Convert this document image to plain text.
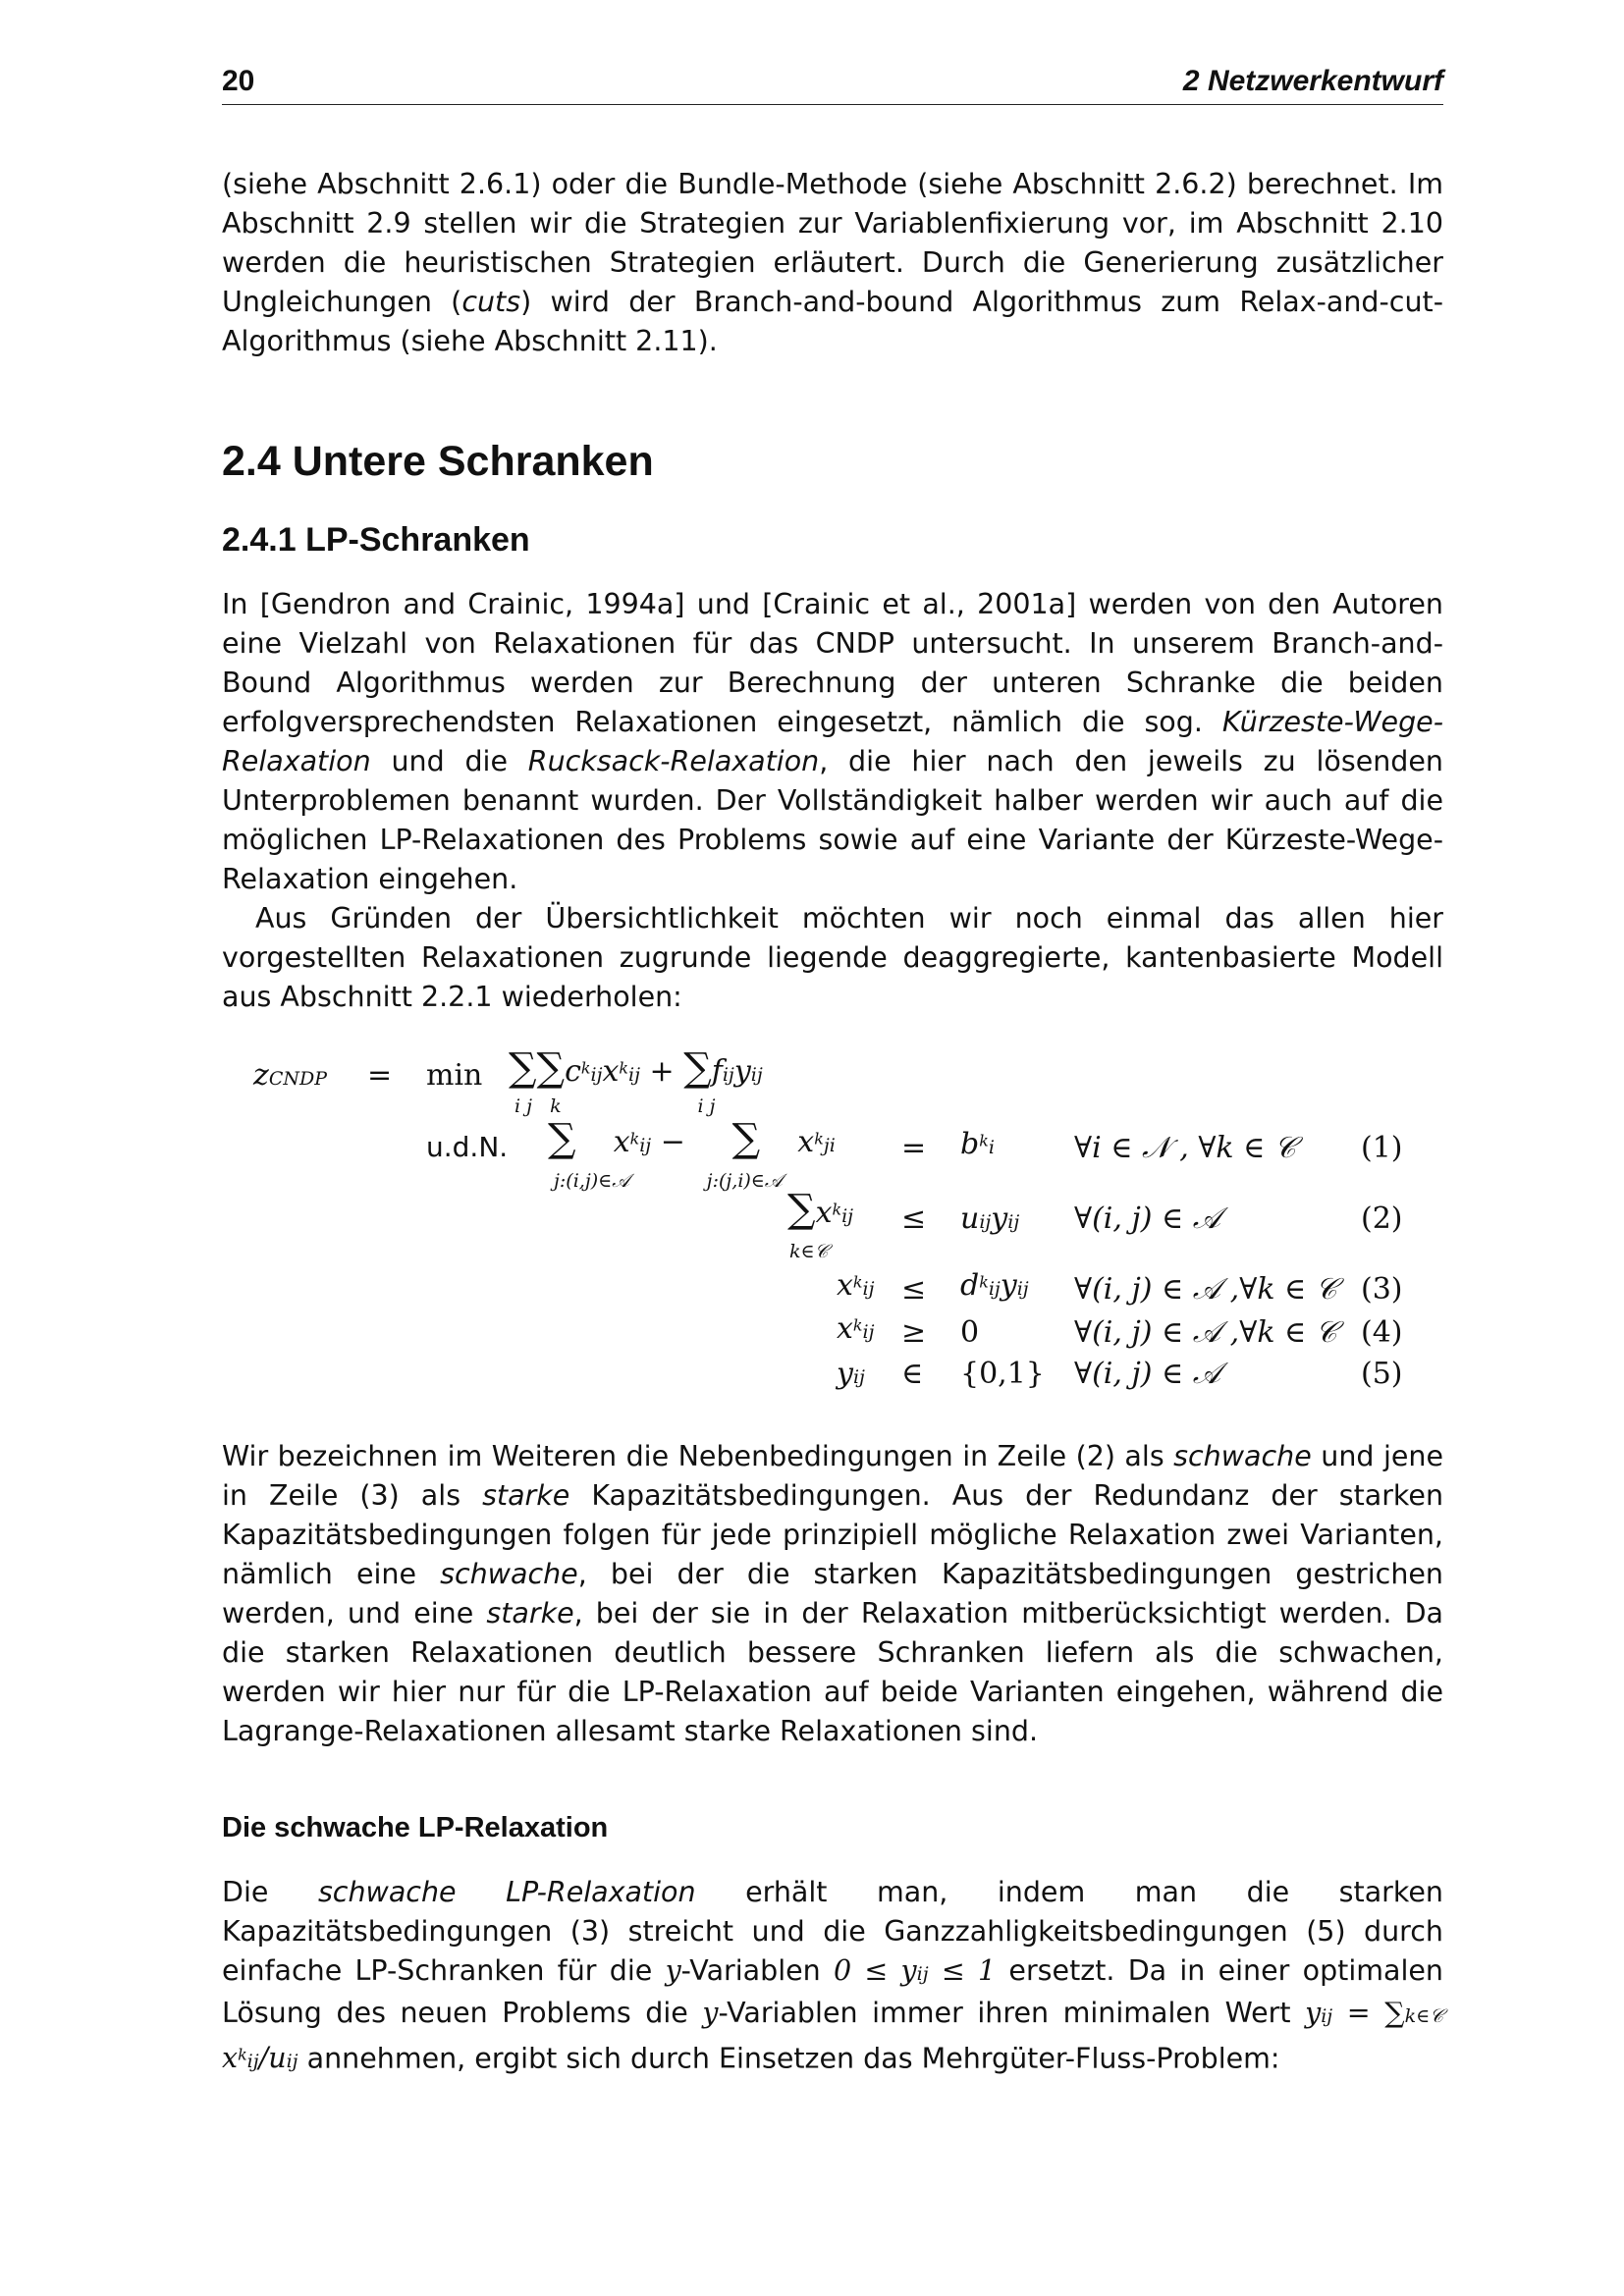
20	2 Netzwerkentwurf

(siehe Abschnitt 2.6.1) oder die Bundle-Methode (siehe Abschnitt 2.6.2) berechnet. Im Abschnitt 2.9 stellen wir die Strategien zur Variablenfixierung vor, im Abschnitt 2.10 werden die heuristischen Strategien erläutert. Durch die Generierung zusätzlicher Ungleichungen (cuts) wird der Branch-and-bound Algorithmus zum Relax-and-cut-Algorithmus (siehe Abschnitt 2.11).

2.4 Untere Schranken
2.4.1 LP-Schranken

In [Gendron and Crainic, 1994a] und [Crainic et al., 2001a] werden von den Autoren eine Vielzahl von Relaxationen für das CNDP untersucht. In unserem Branch-and-Bound Algorithmus werden zur Berechnung der unteren Schranke die beiden erfolgversprechendsten Relaxationen eingesetzt, nämlich die sog. Kürzeste-Wege-Relaxation und die Rucksack-Relaxation, die hier nach den jeweils zu lösenden Unterproblemen benannt wurden. Der Vollständigkeit halber werden wir auch auf die möglichen LP-Relaxationen des Problems sowie auf eine Variante der Kürzeste-Wege-Relaxation eingehen.

Aus Gründen der Übersichtlichkeit möchten wir noch einmal das allen hier vorgestellten Relaxationen zugrunde liegende deaggregierte, kantenbasierte Modell aus Abschnitt 2.2.1 wiederholen:

zCNDP = $\min \sum\sum c^kijx^kij$ + ∑fijyij
i j   k                       i j
u.d.N. ∑ $x^kij$ −     ∑ $x^kji$
j:(i,j)∈𝒜             j:(j,i)∈𝒜
= $b^ki$	∀i ∈ 𝒩 , ∀k ∈ 𝒞 (1)
$\sum x^kij$
k∈𝒞
≤ uijyij ∀(i, j) ∈ 𝒜	(2)
$x^kij$ ≤ $d^kijyij$ ∀(i, j) ∈ 𝒜 ,∀k ∈ 𝒞 (3)
$x^kij \ge 0$	∀(i, j) ∈ 𝒜 ,∀k ∈ 𝒞 (4)
yij ∈ {0,1} ∀(i, j) ∈ 𝒜	(5)

Wir bezeichnen im Weiteren die Nebenbedingungen in Zeile (2) als schwache und jene in Zeile (3) als starke Kapazitätsbedingungen. Aus der Redundanz der starken Kapazitätsbedingungen folgen für jede prinzipiell mögliche Relaxation zwei Varianten, nämlich eine schwache, bei der die starken Kapazitätsbedingungen gestrichen werden, und eine starke, bei der sie in der Relaxation mitberücksichtigt werden. Da die starken Relaxationen deutlich bessere Schranken liefern als die schwachen, werden wir hier nur für die LP-Relaxation auf beide Varianten eingehen, während die Lagrange-Relaxationen allesamt starke Relaxationen sind.

Die schwache LP-Relaxation

Die schwache LP-Relaxation erhält man, indem man die starken Kapazitätsbedingungen (3) streicht und die Ganzzahligkeitsbedingungen (5) durch einfache LP-Schranken für die y-Variablen 0 ≤ yij ≤ 1 ersetzt. Da in einer optimalen Lösung des neuen Problems die y-Variablen immer ihren minimalen Wert yij = ∑k∈𝒞 $x^kij$/uij annehmen, ergibt sich durch Einsetzen das Mehrgüter-Fluss-Problem:
